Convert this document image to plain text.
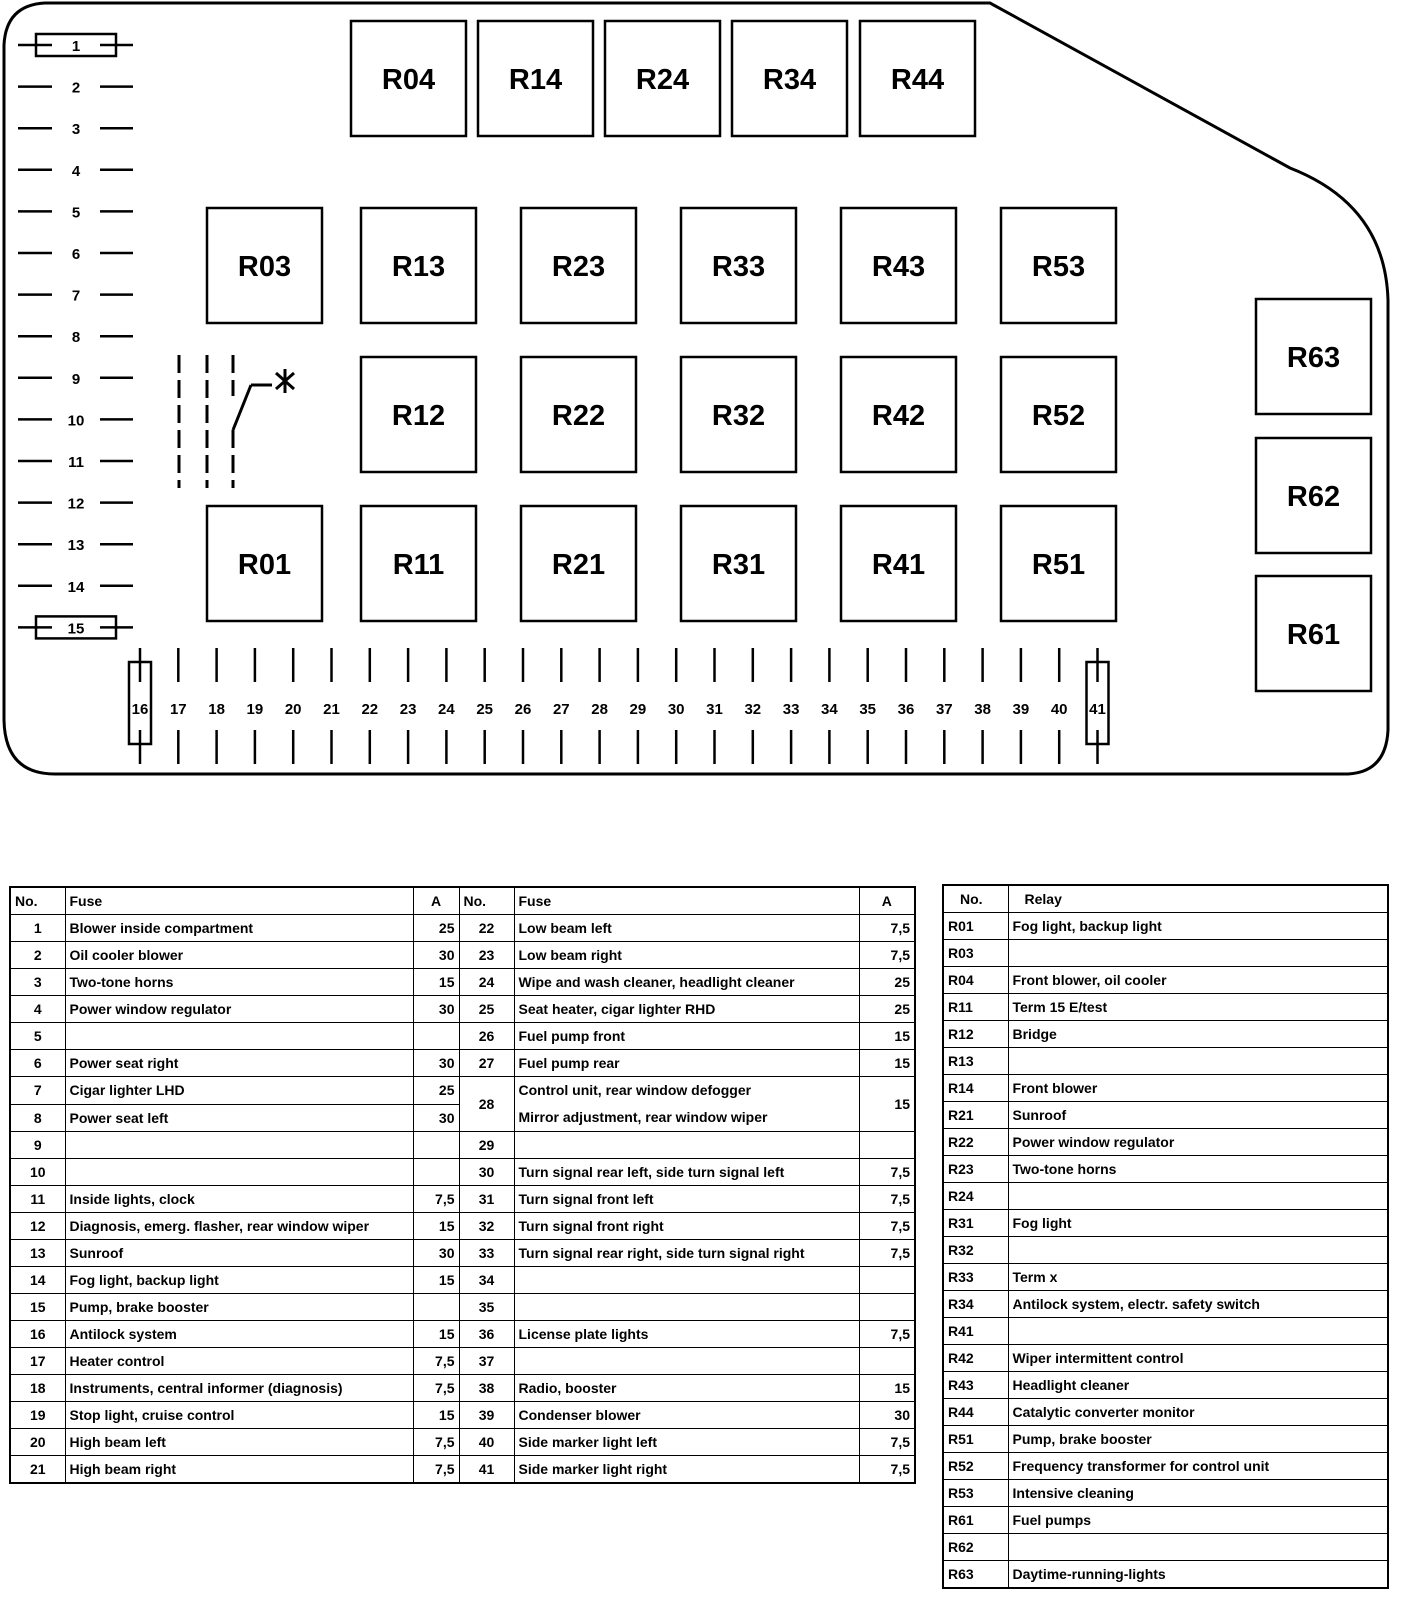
R04	R14	R24	R34	R44
R03	R13	R23	R33	R43	R53
R12	R22	R32	R42	R52
R01	R11	R21	R31	R41	R51
R63
R62
R61
1
2
3
4
5
6
7
8
9
10
11
12
13
14
15
16 17 18 19 20 21 22 23 24 25 26 27 28 29 30 31 32 33 34 35 36 37 38 39 40 41
No.	Fuse	A	No.	Fuse	A
1	Blower inside compartment	25	22	Low beam left	7,5
2	Oil cooler blower	30	23	Low beam right	7,5
3	Two-tone horns	15	24	Wipe and wash cleaner, headlight cleaner	25
4	Power window regulator	30	25	Seat heater, cigar lighter RHD	25
5			26	Fuel pump front	15
6	Power seat right	30	27	Fuel pump rear	15
7	Cigar lighter LHD	25	28	Control unit, rear window defogger
Mirror adjustment, rear window wiper	15
8	Power seat left	30			
9			29		
10			30	Turn signal rear left, side turn signal left	7,5
11	Inside lights, clock	7,5	31	Turn signal front left	7,5
12	Diagnosis, emerg. flasher, rear window wiper	15	32	Turn signal front right	7,5
13	Sunroof	30	33	Turn signal rear right, side turn signal right	7,5
14	Fog light, backup light	15	34		
15	Pump, brake booster		35		
16	Antilock system	15	36	License plate lights	7,5
17	Heater control	7,5	37		
18	Instruments, central informer (diagnosis)	7,5	38	Radio, booster	15
19	Stop light, cruise control	15	39	Condenser blower	30
20	High beam left	7,5	40	Side marker light left	7,5
21	High beam right	7,5	41	Side marker light right	7,5
No.	Relay
R01	Fog light, backup light
R03	
R04	Front blower, oil cooler
R11	Term 15 E/test
R12	Bridge
R13	
R14	Front blower
R21	Sunroof
R22	Power window regulator
R23	Two-tone horns
R24	
R31	Fog light
R32	
R33	Term x
R34	Antilock system, electr. safety switch
R41	
R42	Wiper intermittent control
R43	Headlight cleaner
R44	Catalytic converter monitor
R51	Pump, brake booster
R52	Frequency transformer for control unit
R53	Intensive cleaning
R61	Fuel pumps
R62	
R63	Daytime-running-lights
